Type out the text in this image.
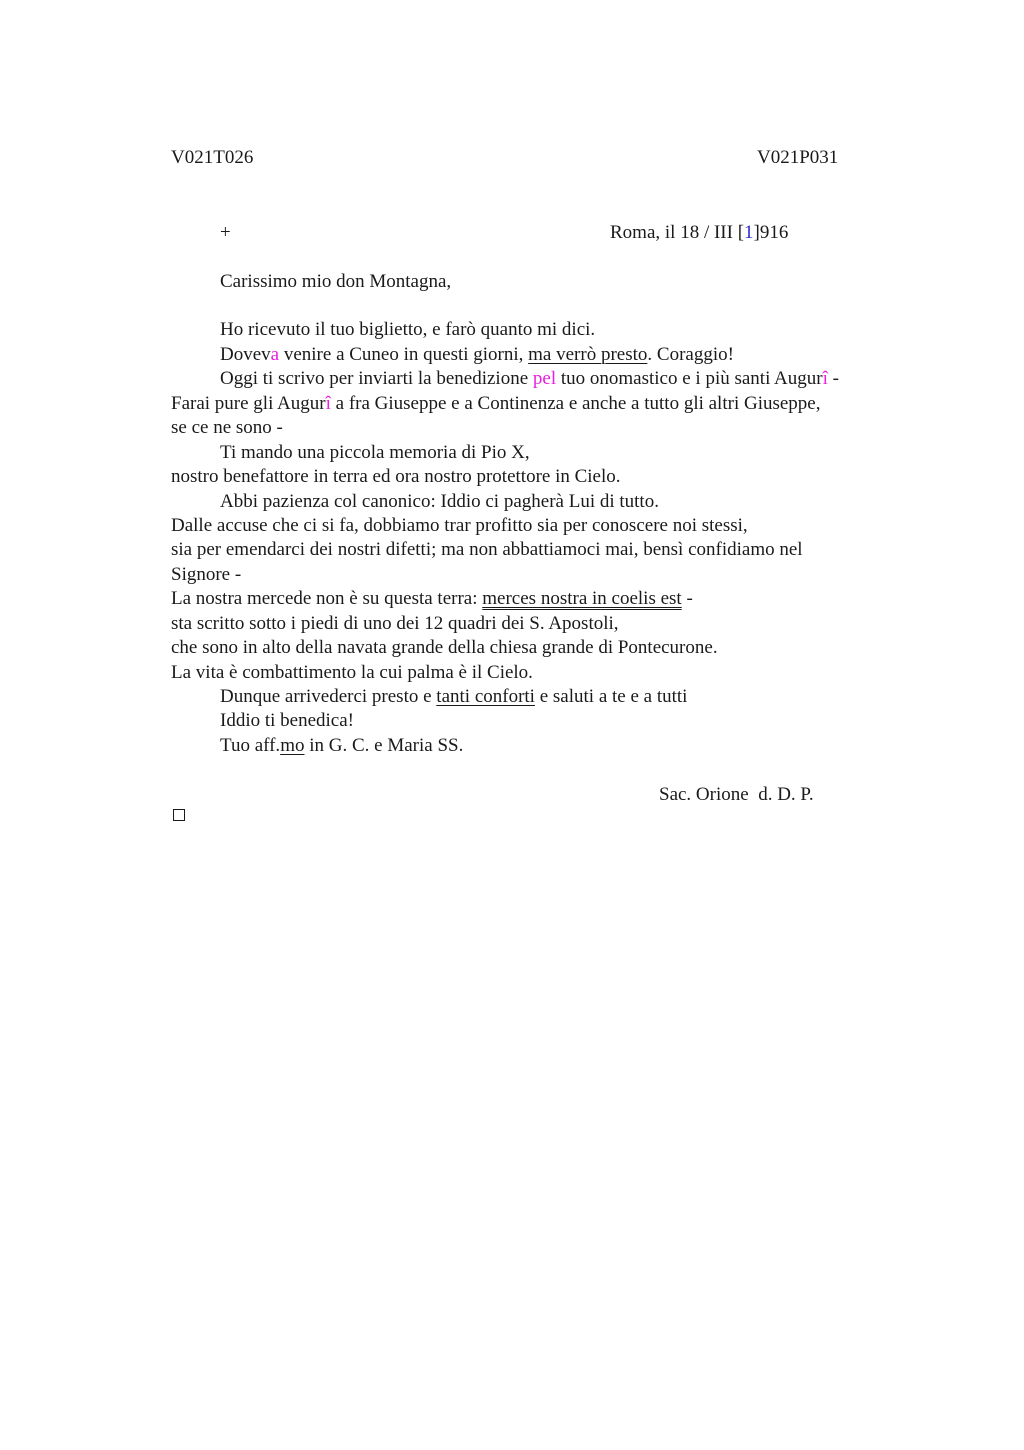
V021T026	V021P031
+	Roma, il 18 / III [1]916
Carissimo mio don Montagna,
Ho ricevuto il tuo biglietto, e farò quanto mi dici.
Doveva venire a Cuneo in questi giorni, ma verrò presto. Coraggio!
Oggi ti scrivo per inviarti la benedizione pel tuo onomastico e i più santi Augurî -
Farai pure gli Augurî a fra Giuseppe e a Continenza e anche a tutto gli altri Giuseppe,
se ce ne sono -
Ti mando una piccola memoria di Pio X,
nostro benefattore in terra ed ora nostro protettore in Cielo.
Abbi pazienza col canonico: Iddio ci pagherà Lui di tutto.
Dalle accuse che ci si fa, dobbiamo trar profitto sia per conoscere noi stessi,
sia per emendarci dei nostri difetti; ma non abbattiamoci mai, bensì confidiamo nel
Signore -
La nostra mercede non è su questa terra: merces nostra in coelis est -
sta scritto sotto i piedi di uno dei 12 quadri dei S. Apostoli,
che sono in alto della navata grande della chiesa grande di Pontecurone.
La vita è combattimento la cui palma è il Cielo.
Dunque arrivederci presto e tanti conforti e saluti a te e a tutti
Iddio ti benedica!
Tuo aff.mo in G. C. e Maria SS.
Sac. Orione  d. D. P.
